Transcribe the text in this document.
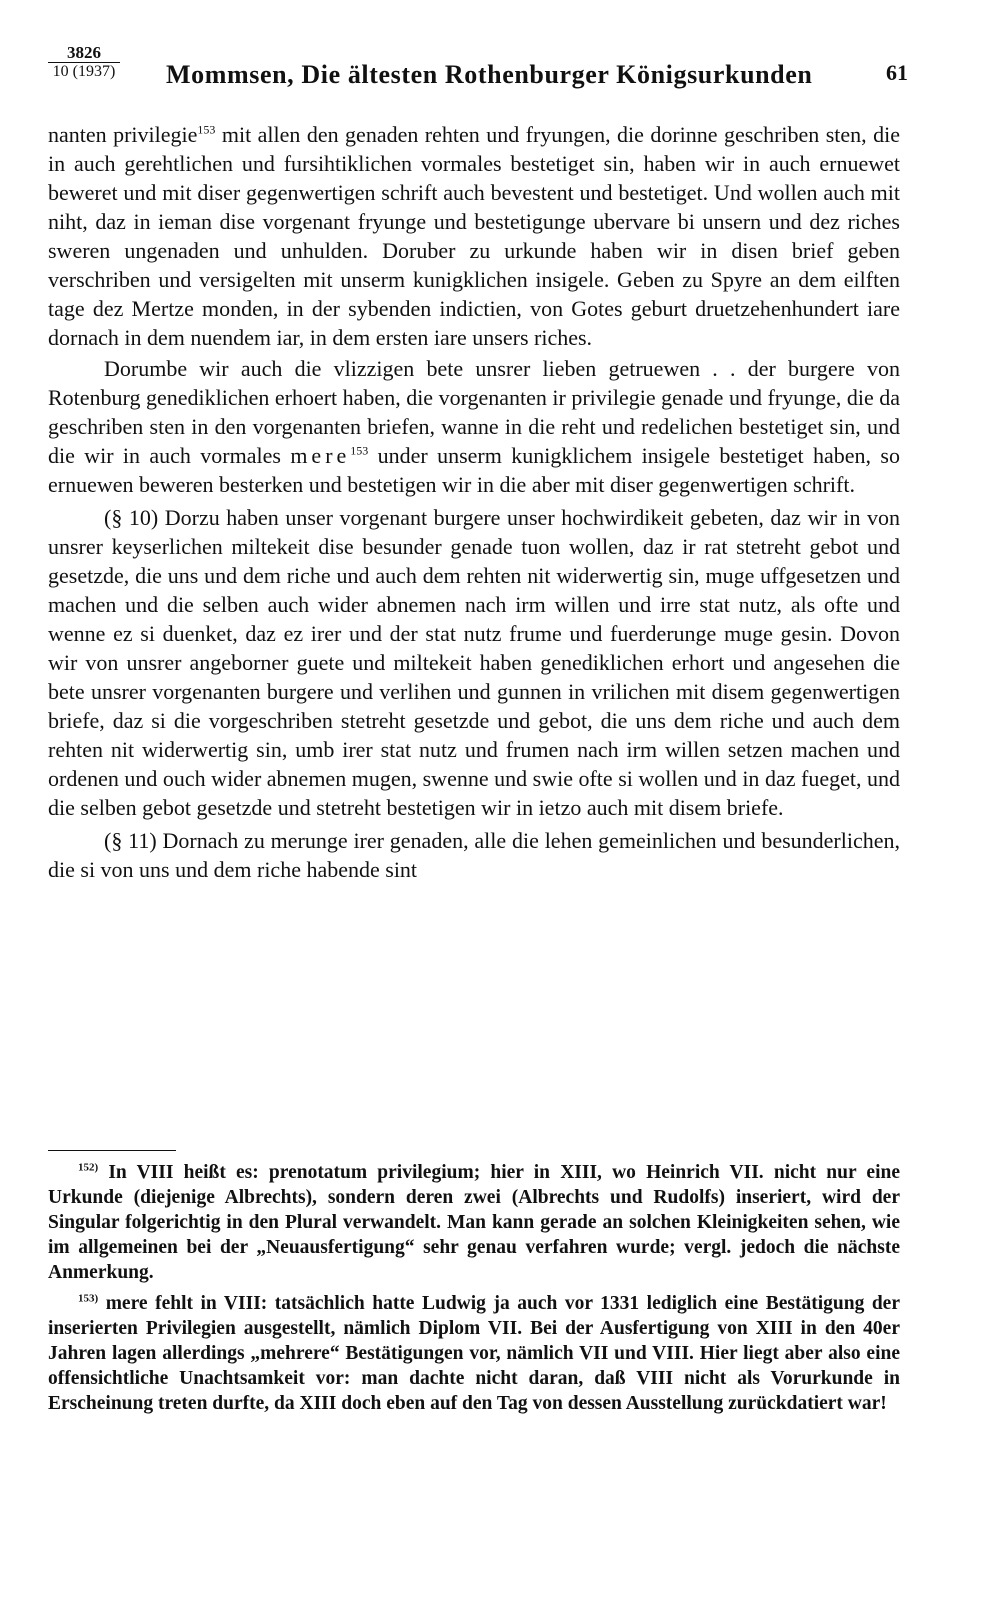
3826
10 (1937) Mommsen, Die ältesten Rothenburger Königsurkunden	61

nanten privilegie$^{153}$ mit allen den genaden rehten und fryungen, die dorinne geschriben sten, die in auch gerehtlichen und fursihtiklichen vormales bestetiget sin, haben wir in auch ernuewet beweret und mit diser gegenwertigen schrift auch bevestent und bestetiget. Und wollen auch mit niht, daz in ieman dise vorgenant fryunge und bestetigunge ubervare bi unsern und dez riches sweren ungenaden und unhulden. Doruber zu urkunde haben wir in disen brief geben verschriben und versigelten mit unserm kunigklichen insigele. Geben zu Spyre an dem eilften tage dez Mertze monden, in der sybenden indictien, von Gotes geburt druetzehenhundert iare dornach in dem nuendem iar, in dem ersten iare unsers riches.

Dorumbe wir auch die vlizzigen bete unsrer lieben getruewen . . der burgere von Rotenburg genediklichen erhoert haben, die vorgenanten ir privilegie genade und fryunge, die da geschriben sten in den vorgenanten briefen, wanne in die reht und redelichen bestetiget sin, und die wir in auch vormales mere$^{153}$ under unserm kunigklichem insigele bestetiget haben, so ernuewen beweren besterken und bestetigen wir in die aber mit diser gegenwertigen schrift.

(§ 10) Dorzu haben unser vorgenant burgere unser hochwirdikeit gebeten, daz wir in von unsrer keyserlichen miltekeit dise besunder genade tuon wollen, daz ir rat stetreht gebot und gesetzde, die uns und dem riche und auch dem rehten nit widerwertig sin, muge uffgesetzen und machen und die selben auch wider abnemen nach irm willen und irre stat nutz, als ofte und wenne ez si duenket, daz ez irer und der stat nutz frume und fuerderunge muge gesin. Dovon wir von unsrer angeborner guete und miltekeit haben genediklichen erhort und angesehen die bete unsrer vorgenanten burgere und verlihen und gunnen in vrilichen mit disem gegenwertigen briefe, daz si die vorgeschriben stetreht gesetzde und gebot, die uns dem riche und auch dem rehten nit widerwertig sin, umb irer stat nutz und frumen nach irm willen setzen machen und ordenen und ouch wider abnemen mugen, swenne und swie ofte si wollen und in daz fueget, und die selben gebot gesetzde und stetreht bestetigen wir in ietzo auch mit disem briefe.

(§ 11) Dornach zu merunge irer genaden, alle die lehen gemeinlichen und besunderlichen, die si von uns und dem riche habende sint

$^{152)}$ In VIII heißt es: prenotatum privilegium; hier in XIII, wo Heinrich VII. nicht nur eine Urkunde (diejenige Albrechts), sondern deren zwei (Albrechts und Rudolfs) inseriert, wird der Singular folgerichtig in den Plural verwandelt. Man kann gerade an solchen Kleinigkeiten sehen, wie im allgemeinen bei der „Neuausfertigung“ sehr genau verfahren wurde; vergl. jedoch die nächste Anmerkung.

$^{153)}$ mere fehlt in VIII: tatsächlich hatte Ludwig ja auch vor 1331 lediglich eine Bestätigung der inserierten Privilegien ausgestellt, nämlich Diplom VII. Bei der Ausfertigung von XIII in den 40er Jahren lagen allerdings „mehrere“ Bestätigungen vor, nämlich VII und VIII. Hier liegt aber also eine offensichtliche Unachtsamkeit vor: man dachte nicht daran, daß VIII nicht als Vorurkunde in Erscheinung treten durfte, da XIII doch eben auf den Tag von dessen Ausstellung zurückdatiert war!
